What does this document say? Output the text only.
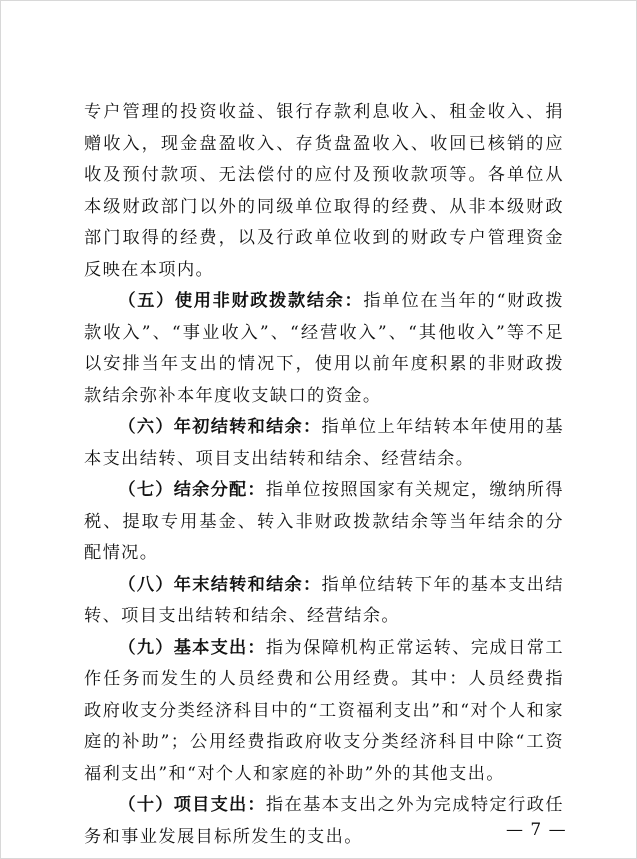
专户管理的投资收益、银行存款利息收入、租金收入、捐赠收入，现金盘盈收入、存货盘盈收入、收回已核销的应收及预付款项、无法偿付的应付及预收款项等。各单位从本级财政部门以外的同级单位取得的经费、从非本级财政部门取得的经费，以及行政单位收到的财政专户管理资金反映在本项内。

（五）使用非财政拨款结余：指单位在当年的“财政拨款收入”、“事业收入”、“经营收入”、“其他收入”等不足以安排当年支出的情况下，使用以前年度积累的非财政拨款结余弥补本年度收支缺口的资金。

（六）年初结转和结余：指单位上年结转本年使用的基本支出结转、项目支出结转和结余、经营结余。

（七）结余分配：指单位按照国家有关规定，缴纳所得税、提取专用基金、转入非财政拨款结余等当年结余的分配情况。

（八）年末结转和结余：指单位结转下年的基本支出结转、项目支出结转和结余、经营结余。

（九）基本支出：指为保障机构正常运转、完成日常工作任务而发生的人员经费和公用经费。其中：人员经费指政府收支分类经济科目中的“工资福利支出”和“对个人和家庭的补助”；公用经费指政府收支分类经济科目中除“工资福利支出”和“对个人和家庭的补助”外的其他支出。

（十）项目支出：指在基本支出之外为完成特定行政任务和事业发展目标所发生的支出。	— 7 —
